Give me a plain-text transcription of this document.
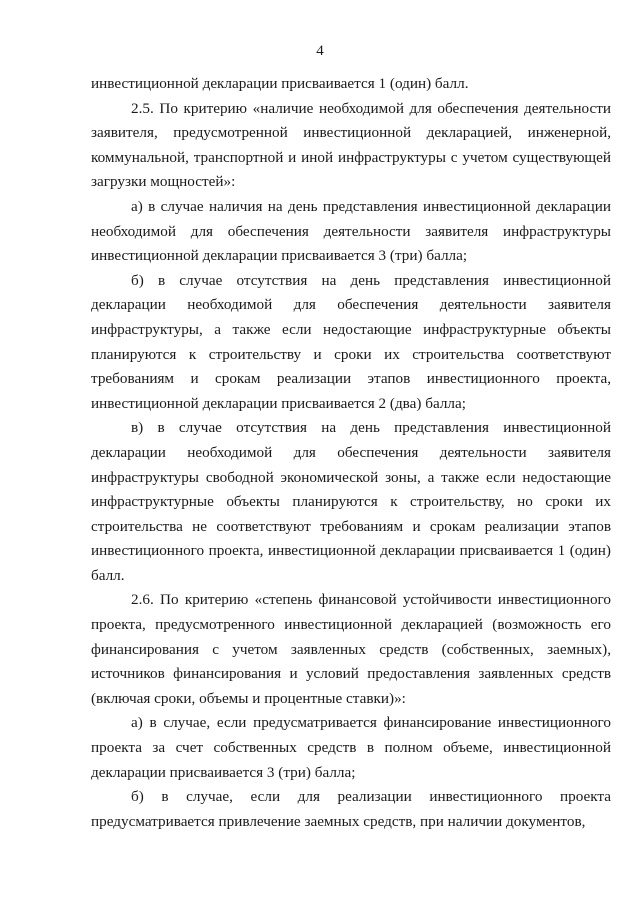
4

инвестиционной декларации присваивается 1 (один) балл.

2.5. По критерию «наличие необходимой для обеспечения деятельности заявителя, предусмотренной инвестиционной декларацией, инженерной, коммунальной, транспортной и иной инфраструктуры с учетом существующей загрузки мощностей»:

а) в случае наличия на день представления инвестиционной декларации необходимой для обеспечения деятельности заявителя инфраструктуры инвестиционной декларации присваивается 3 (три) балла;

б) в случае отсутствия на день представления инвестиционной декларации необходимой для обеспечения деятельности заявителя инфраструктуры, а также если недостающие инфраструктурные объекты планируются к строительству и сроки их строительства соответствуют требованиям и срокам реализации этапов инвестиционного проекта, инвестиционной декларации присваивается 2 (два) балла;

в) в случае отсутствия на день представления инвестиционной декларации необходимой для обеспечения деятельности заявителя инфраструктуры свободной экономической зоны, а также если недостающие инфраструктурные объекты планируются к строительству, но сроки их строительства не соответствуют требованиям и срокам реализации этапов инвестиционного проекта, инвестиционной декларации присваивается 1 (один) балл.

2.6. По критерию «степень финансовой устойчивости инвестиционного проекта, предусмотренного инвестиционной декларацией (возможность его финансирования с учетом заявленных средств (собственных, заемных), источников финансирования и условий предоставления заявленных средств (включая сроки, объемы и процентные ставки)»:

а) в случае, если предусматривается финансирование инвестиционного проекта за счет собственных средств в полном объеме, инвестиционной декларации присваивается 3 (три) балла;

б) в случае, если для реализации инвестиционного проекта предусматривается привлечение заемных средств, при наличии документов,
